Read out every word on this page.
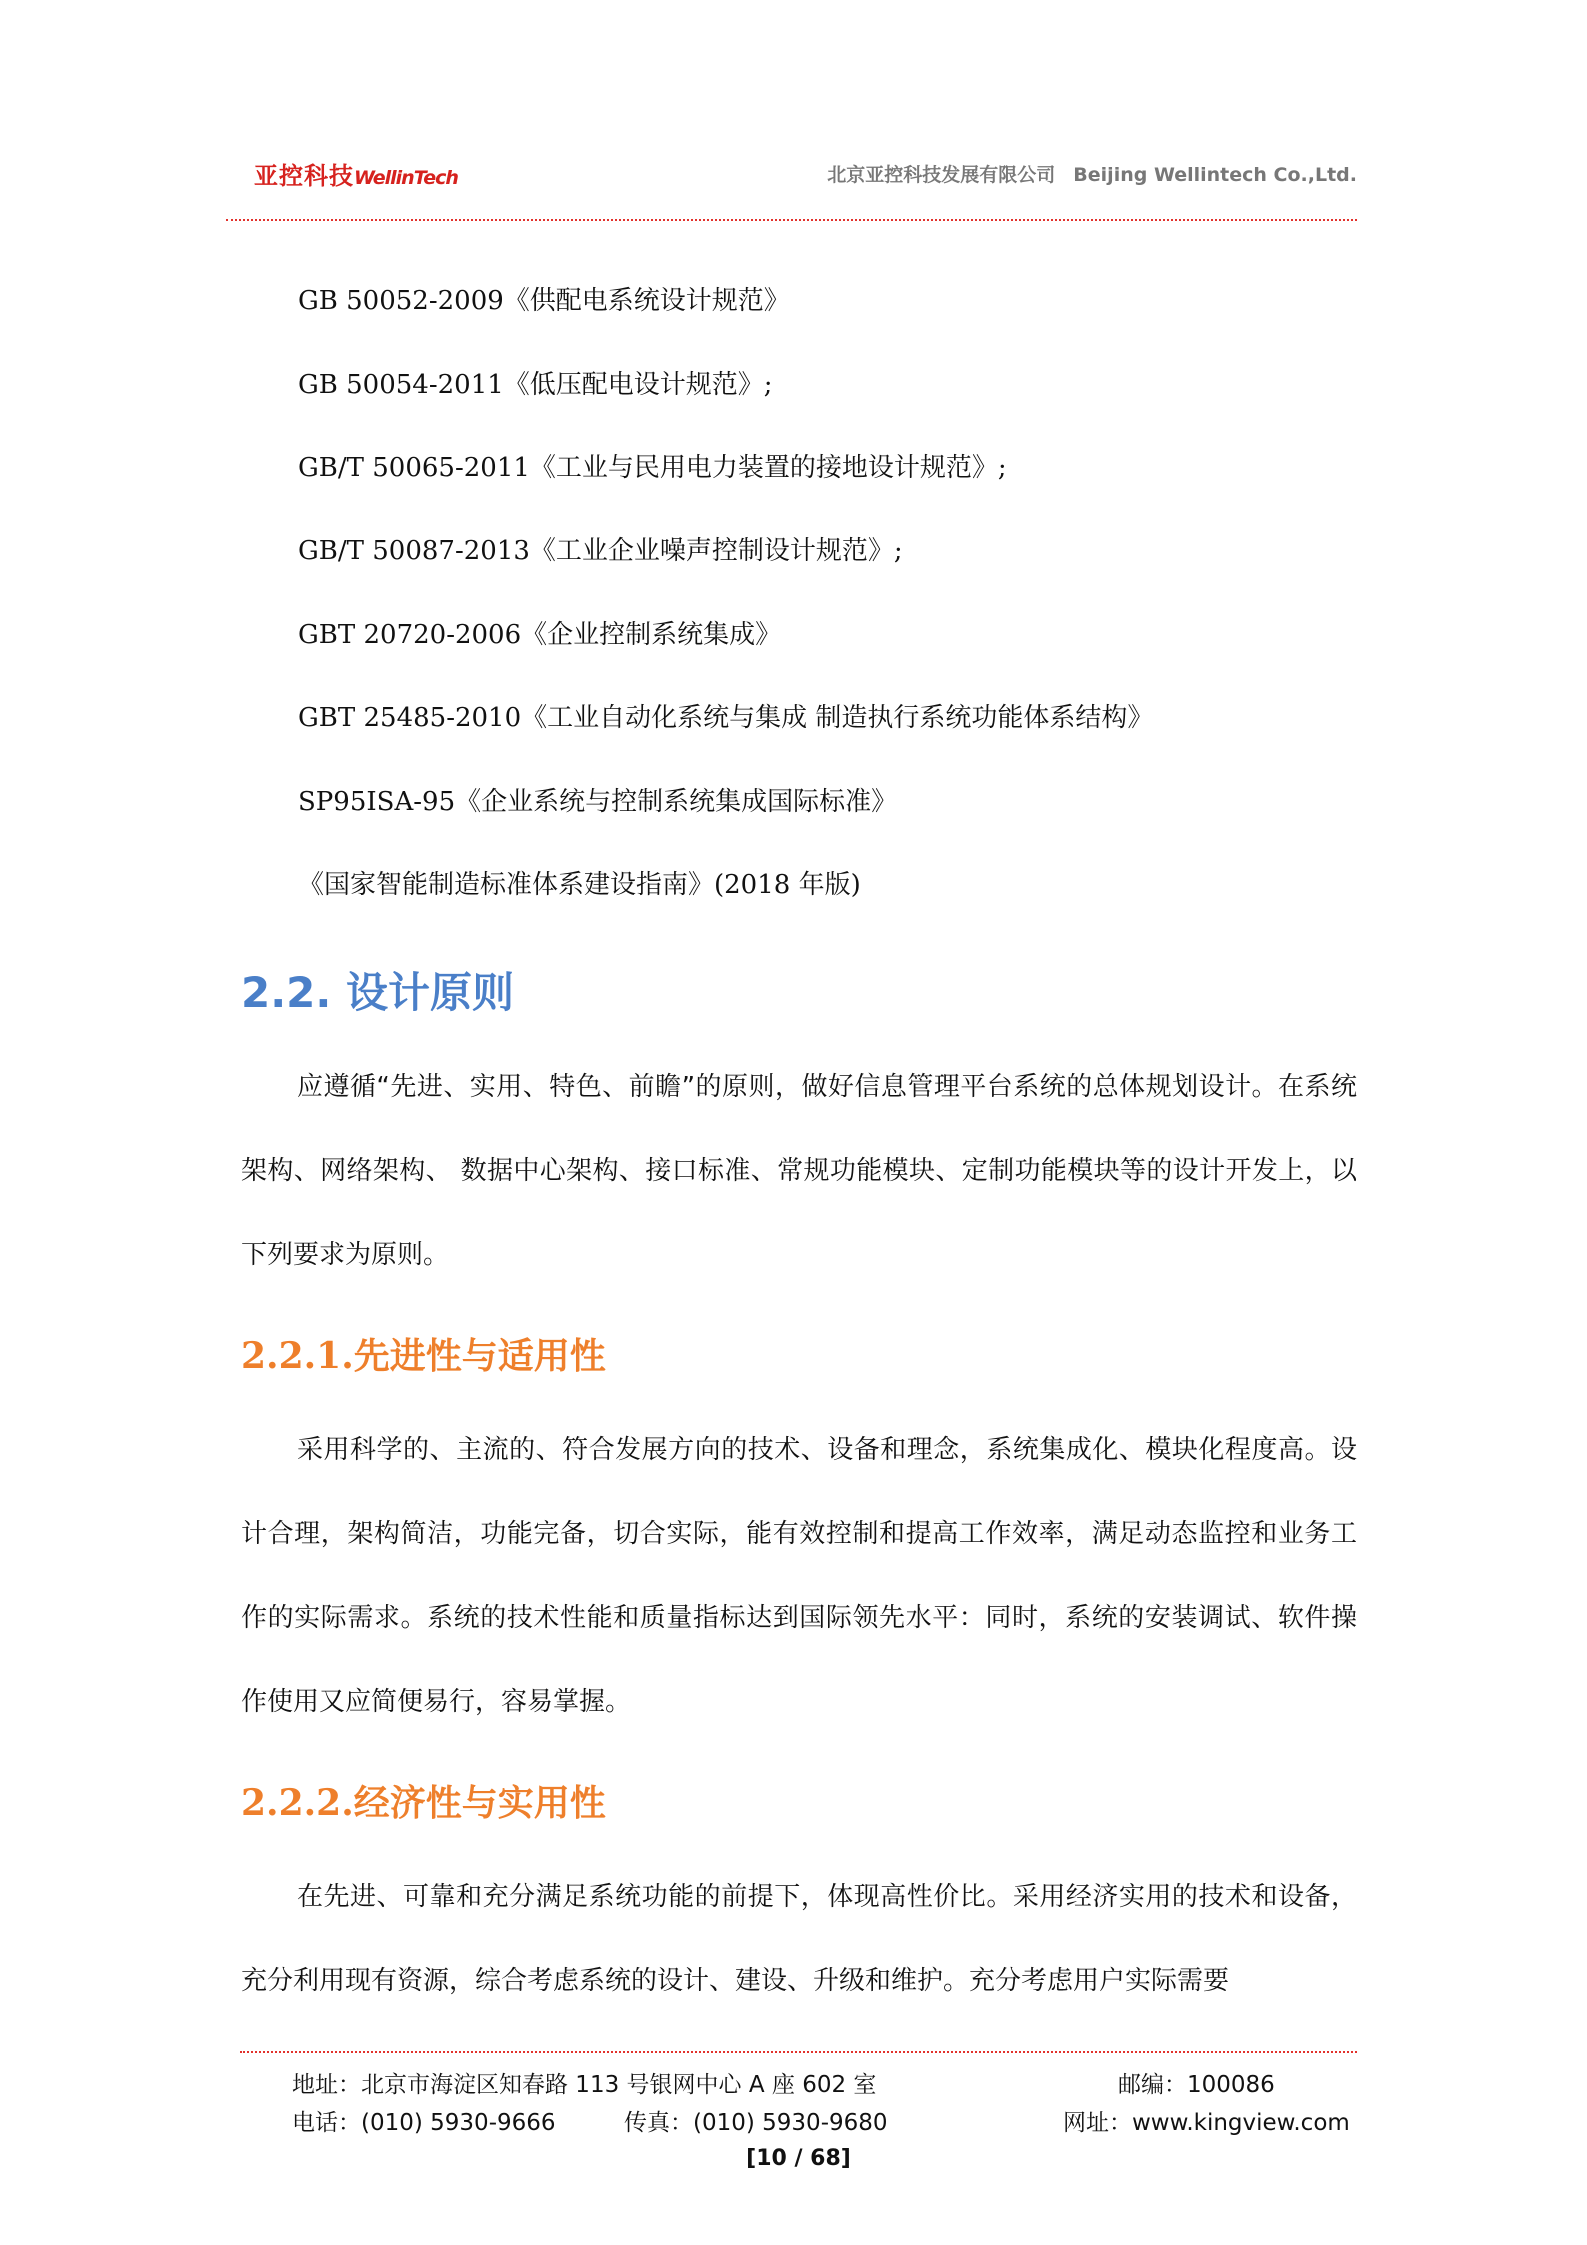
亚控科技WellinTech	北京亚控科技发展有限公司 Beijing Wellintech Co.,Ltd.
GB 50052-2009《供配电系统设计规范》
GB 50054-2011《低压配电设计规范》;
GB/T 50065-2011《工业与民用电力装置的接地设计规范》;
GB/T 50087-2013《工业企业噪声控制设计规范》;
GBT 20720-2006《企业控制系统集成》
GBT 25485-2010《工业自动化系统与集成 制造执行系统功能体系结构》
SP95ISA-95《企业系统与控制系统集成国际标准》
《国家智能制造标准体系建设指南》(2018 年版)
2.2. 设计原则

应遵循“先进、实用、特色、前瞻”的原则，做好信息管理平台系统的总体规划设计。在系统架构、网络架构、 数据中心架构、接口标准、常规功能模块、定制功能模块等的设计开发上，以下列要求为原则。

2.2.1.先进性与适用性

采用科学的、主流的、符合发展方向的技术、设备和理念，系统集成化、模块化程度高。设计合理，架构简洁，功能完备，切合实际，能有效控制和提高工作效率，满足动态监控和业务工作的实际需求。系统的技术性能和质量指标达到国际领先水平：同时，系统的安装调试、软件操作使用又应简便易行，容易掌握。

2.2.2.经济性与实用性

在先进、可靠和充分满足系统功能的前提下，体现高性价比。采用经济实用的技术和设备，充分利用现有资源，综合考虑系统的设计、建设、升级和维护。充分考虑用户实际需要

地址：北京市海淀区知春路 113 号银网中心 A 座 602 室	邮编：100086
电话：(010) 5930-9666	传真：(010) 5930-9680	网址：www.kingview.com
[10 / 68]
